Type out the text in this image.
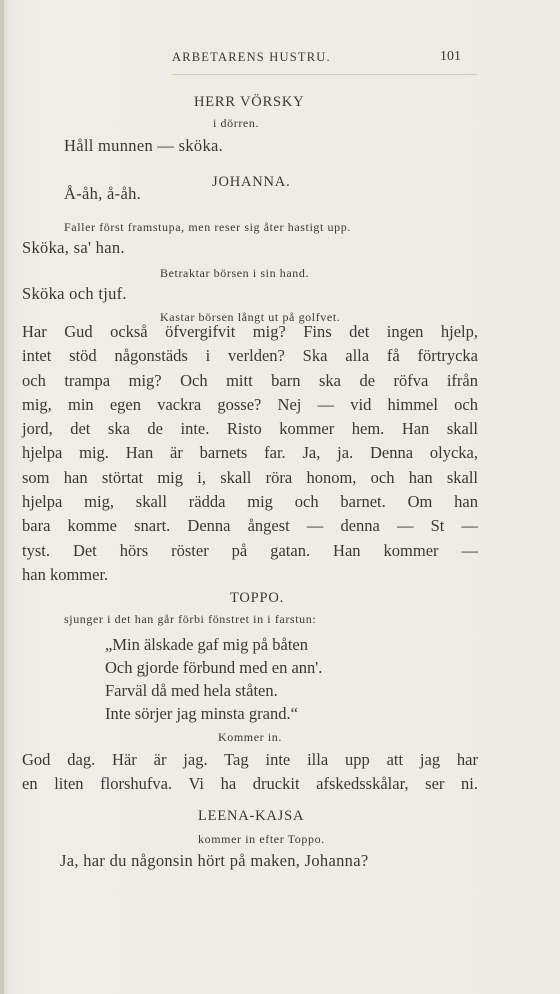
ARBETARENS HUSTRU.	101
HERR VÖRSKY
i dörren.
Håll munnen — sköka.
JOHANNA.
Å-åh, å-åh.
Faller först framstupa, men reser sig åter hastigt upp.
Sköka, sa' han.
Betraktar börsen i sin hand.
Sköka och tjuf.
Kastar börsen långt ut på golfvet.
Har Gud också öfvergifvit mig? Fins det ingen hjelp,
intet stöd någonstäds i verlden? Ska alla få förtrycka
och trampa mig? Och mitt barn ska de röfva ifrån
mig, min egen vackra gosse? Nej — vid himmel och
jord, det ska de inte. Risto kommer hem. Han skall
hjelpa mig. Han är barnets far. Ja, ja. Denna olycka,
som han störtat mig i, skall röra honom, och han skall
hjelpa mig, skall rädda mig och barnet. Om han
bara komme snart. Denna ångest — denna — St —
tyst. Det hörs röster på gatan. Han kommer —
han kommer.
TOPPO.
sjunger i det han går förbi fönstret in i farstun:
„Min älskade gaf mig på båten
Och gjorde förbund med en ann'.
Farväl då med hela ståten.
Inte sörjer jag minsta grand.“
Kommer in.
God dag. Här är jag. Tag inte illa upp att jag har
en liten florshufva. Vi ha druckit afskedsskålar, ser ni.
LEENA-KAJSA
kommer in efter Toppo.
Ja, har du någonsin hört på maken, Johanna?
